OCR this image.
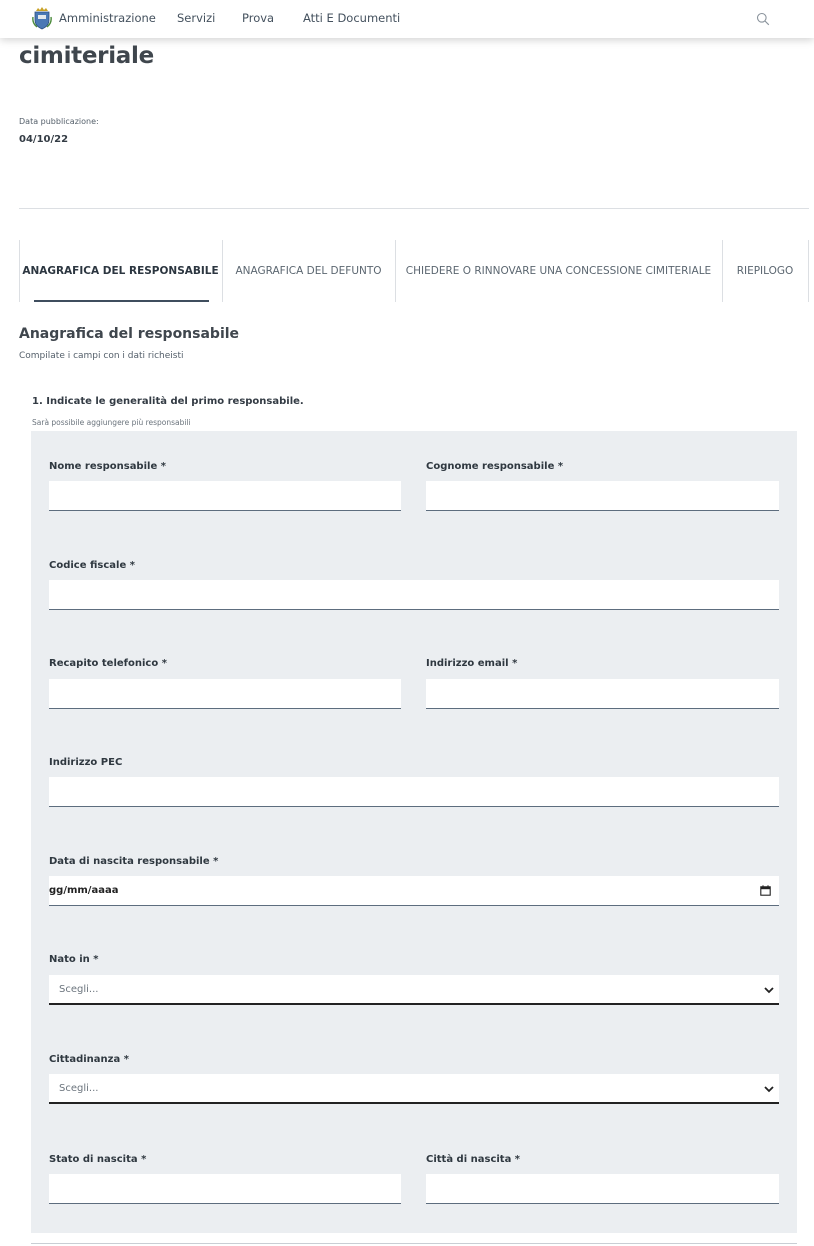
Amministrazione Servizi Prova	Atti E Documenti
cimiteriale
Data pubblicazione:
04/10/22
ANAGRAFICA DEL RESPONSABILE	ANAGRAFICA DEL DEFUNTO	CHIEDERE O RINNOVARE UNA CONCESSIONE CIMITERIALE	RIEPILOGO
Anagrafica del responsabile
Compilate i campi con i dati richeisti
1. Indicate le generalità del primo responsabile.
Sarà possibile aggiungere più responsabili
Nome responsabile *	Cognome responsabile *
Codice fiscale *
Recapito telefonico *	Indirizzo email *
Indirizzo PEC
Data di nascita responsabile *
gg/mm/aaaa
Nato in *
Scegli...
Cittadinanza *
Scegli...
Stato di nascita *	Città di nascita *
